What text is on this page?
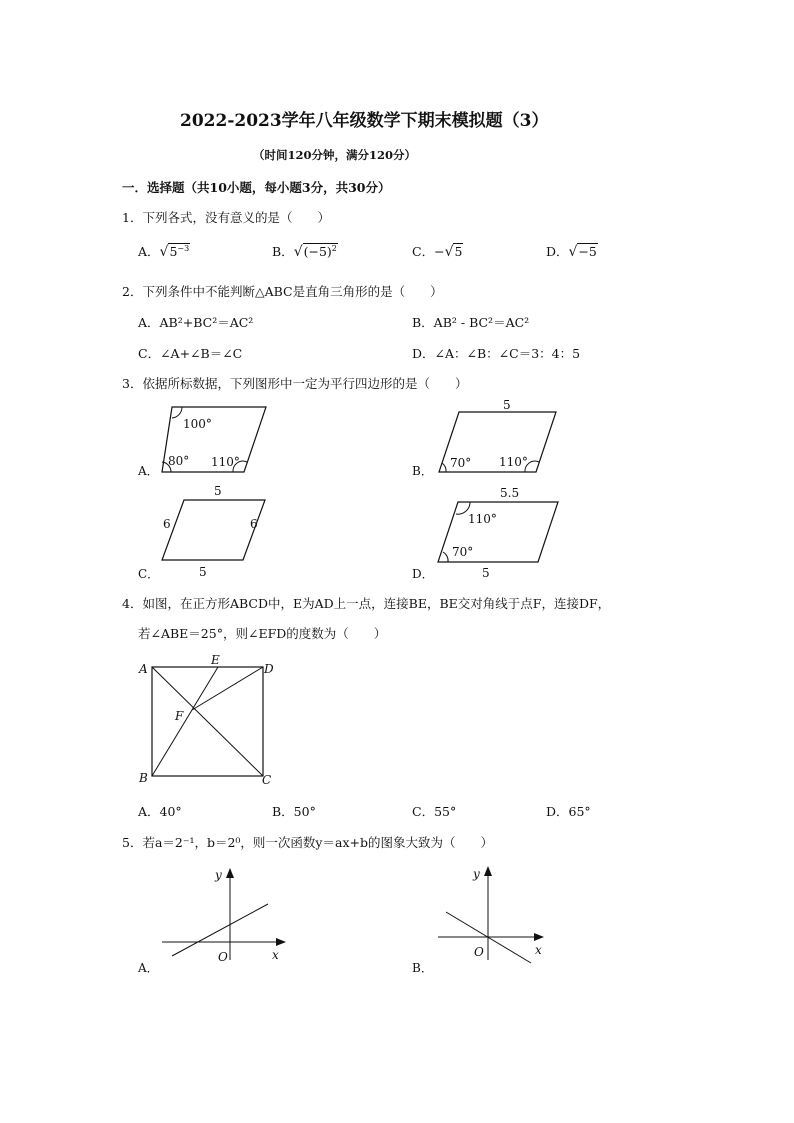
2022-2023学年八年级数学下期末模拟题（3）
（时间120分钟，满分120分）
一．选择题（共10小题，每小题3分，共30分）
1．下列各式，没有意义的是（　　）
A．$√5^{-3}$	B．$√(-5)^2$	C．−√5	D．√−5
2．下列条件中不能判断△ABC是直角三角形的是（　　）
A．AB²+BC²＝AC²	B．AB² - BC²＝AC²
C．∠A+∠B＝∠C	D．∠A：∠B：∠C＝3：4：5
3．依据所标数据，下列图形中一定为平行四边形的是（　　）
100°
80° 110°
A．
5
70° 110°
B．
5
6	6
5
C．
5.5
110°
70°
5
D．
A
E
D
F
B	C
y
x
O
A．
y
x
O
B．
4．如图，在正方形ABCD中，E为AD上一点，连接BE，BE交对角线于点F，连接DF，
若∠ABE＝25°，则∠EFD的度数为（　　）
A．40°	B．50°	C．55°	D．65°
5．若a＝2⁻¹，b＝2⁰，则一次函数y＝ax+b的图象大致为（　　）
